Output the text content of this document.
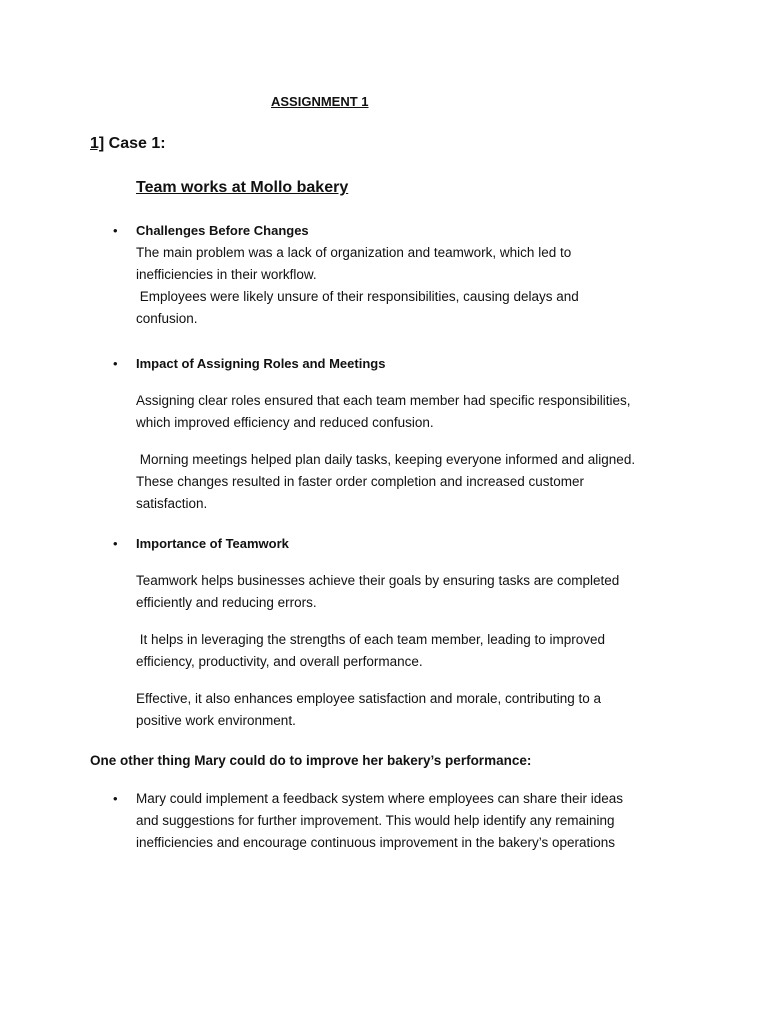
ASSIGNMENT 1
1] Case 1:
Team works at Mollo bakery
• Challenges Before Changes

The main problem was a lack of organization and teamwork, which led to
inefficiencies in their workflow.
Employees were likely unsure of their responsibilities, causing delays and
confusion.

• Impact of Assigning Roles and Meetings

Assigning clear roles ensured that each team member had specific responsibilities,
which improved efficiency and reduced confusion.

Morning meetings helped plan daily tasks, keeping everyone informed and aligned.
These changes resulted in faster order completion and increased customer
satisfaction.

• Importance of Teamwork

Teamwork helps businesses achieve their goals by ensuring tasks are completed
efficiently and reducing errors.

It helps in leveraging the strengths of each team member, leading to improved
efficiency, productivity, and overall performance.

Effective, it also enhances employee satisfaction and morale, contributing to a
positive work environment.

One other thing Mary could do to improve her bakery’s performance:

• Mary could implement a feedback system where employees can share their ideas
and suggestions for further improvement. This would help identify any remaining
inefficiencies and encourage continuous improvement in the bakery’s operations
